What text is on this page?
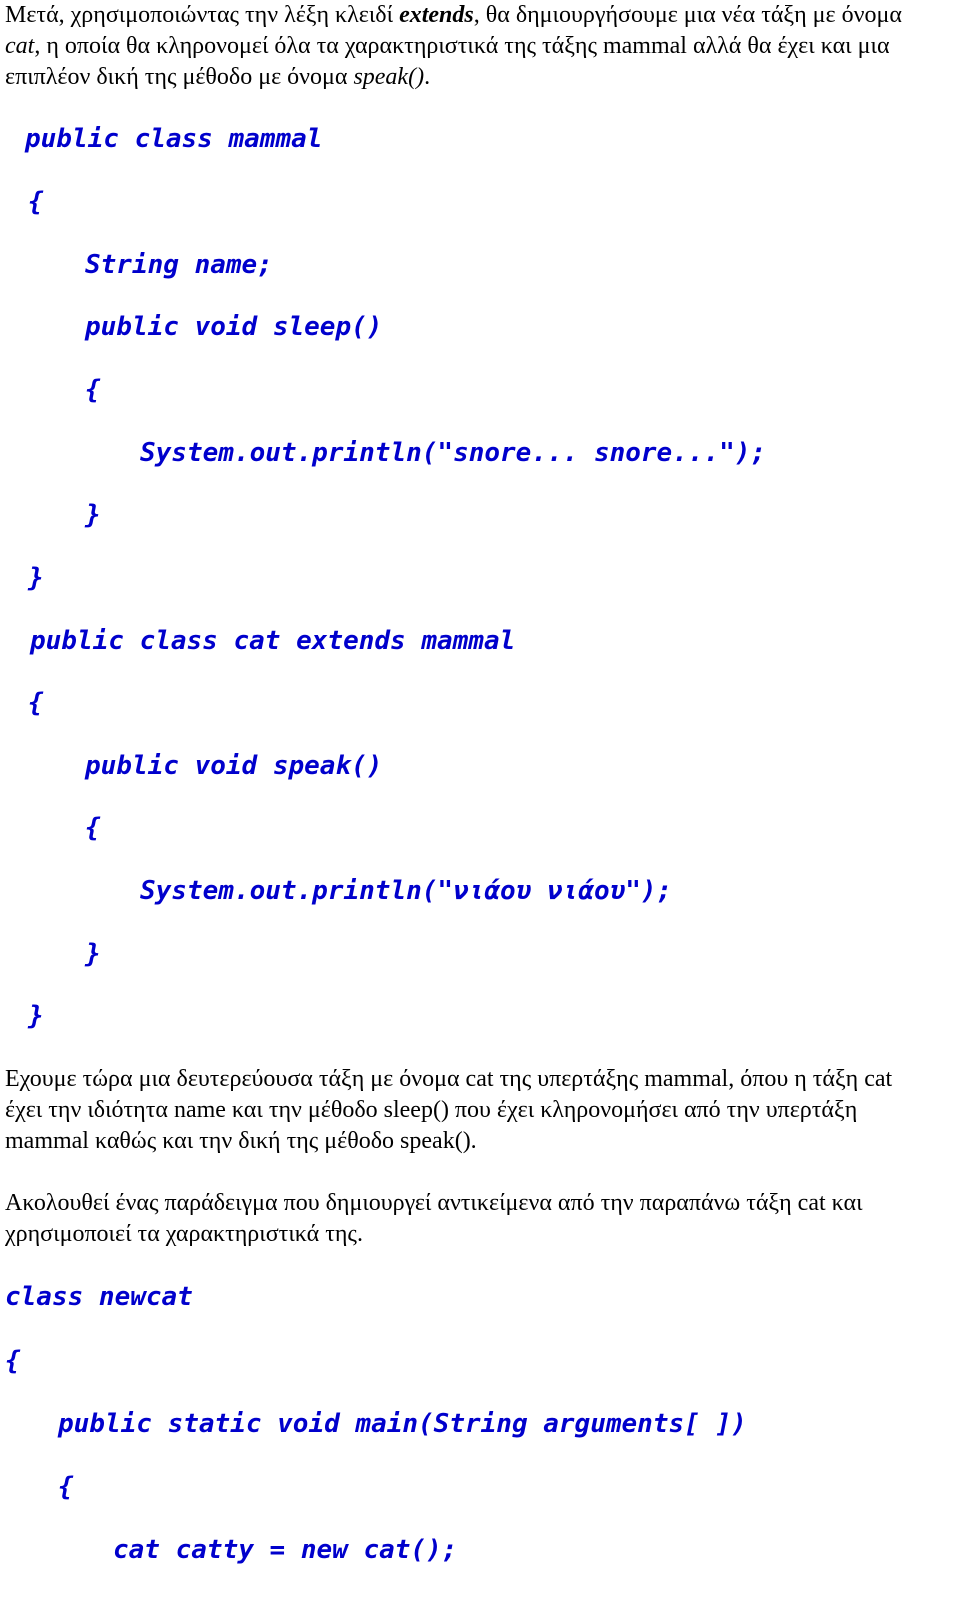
Μετά, χρησιμοποιώντας την λέξη κλειδί extends, θα δημιουργήσουμε μια νέα τάξη με όνομα cat, η οποία θα κληρονομεί όλα τα χαρακτηριστικά της τάξης mammal αλλά θα έχει και μια επιπλέον δική της μέθοδο με όνομα speak().

public class mammal
{
String name;
public void sleep()
{
System.out.println("snore... snore...");
}
}
public class cat extends mammal
{
public void speak()
{
System.out.println("νιάου νιάου");
}
}

Εχουμε τώρα μια δευτερεύουσα τάξη με όνομα cat της υπερτάξης mammal, όπου η τάξη cat έχει την ιδιότητα name και την μέθοδο sleep() που έχει κληρονομήσει από την υπερτάξη mammal καθώς και την δική της μέθοδο speak().

Ακολουθεί ένας παράδειγμα που δημιουργεί αντικείμενα από την παραπάνω τάξη cat και χρησιμοποιεί τα χαρακτηριστικά της.

class newcat
{
public static void main(String arguments[ ])
{
cat catty = new cat();
